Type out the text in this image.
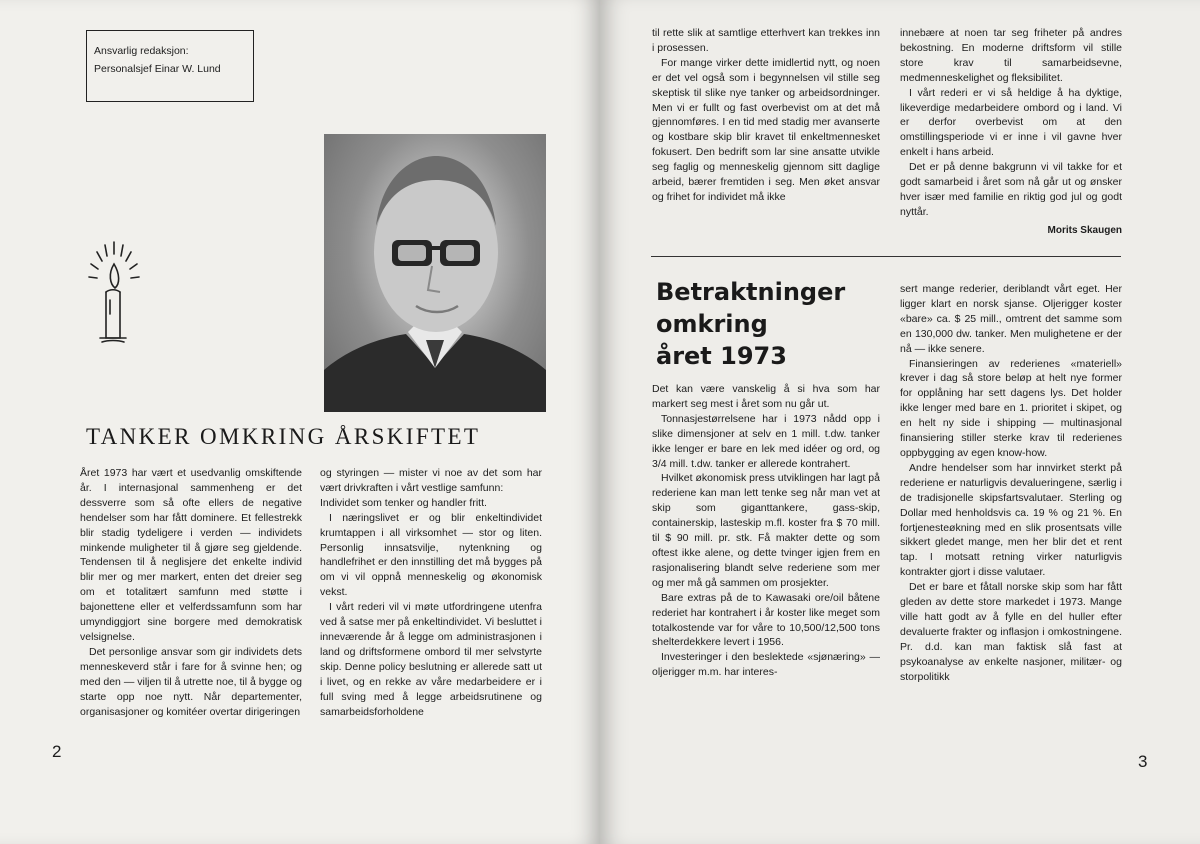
Ansvarlig redaksjon:
Personalsjef Einar W. Lund
TANKER OMKRING ÅRSKIFTET

Året 1973 har vært et usedvanlig omskiftende år. I internasjonal sammenheng er det dessverre som så ofte ellers de negative hendelser som har fått dominere. Et fellestrekk blir stadig tydeligere i verden — individets minkende muligheter til å gjøre seg gjeldende. Tendensen til å neglisjere det enkelte individ blir mer og mer markert, enten det dreier seg om et totalitært samfunn med støtte i bajonettene eller et velferdssamfunn som har umyndiggjort sine borgere med demokratisk velsignelse.

Det personlige ansvar som gir individets dets menneskeverd står i fare for å svinne hen; og med den — viljen til å utrette noe, til å bygge og starte opp noe nytt. Når departementer, organisasjoner og komitéer overtar dirigeringen

og styringen — mister vi noe av det som har vært drivkraften i vårt vestlige samfunn:

Individet som tenker og handler fritt.

I næringslivet er og blir enkeltindividet krumtappen i all virksomhet — stor og liten. Personlig innsatsvilje, nytenkning og handlefrihet er den innstilling det må bygges på om vi vil oppnå menneskelig og økonomisk vekst.

I vårt rederi vil vi møte utfordringene utenfra ved å satse mer på enkeltindividet. Vi besluttet i inneværende år å legge om administrasjonen i land og driftsformene ombord til mer selvstyrte skip. Denne policy beslutning er allerede satt ut i livet, og en rekke av våre medarbeidere er i full sving med å legge arbeidsrutinene og samarbeidsforholdene

2

til rette slik at samtlige etterhvert kan trekkes inn i prosessen.

For mange virker dette imidlertid nytt, og noen er det vel også som i begynnelsen vil stille seg skeptisk til slike nye tanker og arbeidsordninger. Men vi er fullt og fast overbevist om at det må gjennomføres. I en tid med stadig mer avanserte og kostbare skip blir kravet til enkeltmennesket fokusert. Den bedrift som lar sine ansatte utvikle seg faglig og menneskelig gjennom sitt daglige arbeid, bærer fremtiden i seg. Men øket ansvar og frihet for individet må ikke

innebære at noen tar seg friheter på andres bekostning. En moderne driftsform vil stille store krav til samarbeidsevne, medmenneskelighet og fleksibilitet.

I vårt rederi er vi så heldige å ha dyktige, likeverdige medarbeidere ombord og i land. Vi er derfor overbevist om at den omstillingsperiode vi er inne i vil gavne hver enkelt i hans arbeid.

Det er på denne bakgrunn vi vil takke for et godt samarbeid i året som nå går ut og ønsker hver især med familie en riktig god jul og godt nyttår.

Morits Skaugen
Betraktninger
omkring
året 1973

Det kan være vanskelig å si hva som har markert seg mest i året som nu går ut.

Tonnasjestørrelsene har i 1973 nådd opp i slike dimensjoner at selv en 1 mill. t.dw. tanker ikke lenger er bare en lek med idéer og ord, og 3/4 mill. t.dw. tanker er allerede kontrahert.

Hvilket økonomisk press utviklingen har lagt på rederiene kan man lett tenke seg når man vet at skip som giganttankere, gass-skip, containerskip, lasteskip m.fl. koster fra $ 70 mill. til $ 90 mill. pr. stk. Få makter dette og som oftest ikke alene, og dette tvinger igjen frem en rasjonalisering blandt selve rederiene som mer og mer må gå sammen om prosjekter.

Bare extras på de to Kawasaki ore/oil båtene rederiet har kontrahert i år koster like meget som totalkostende var for våre to 10,500/12,500 tons shelterdekkere levert i 1956.

Investeringer i den beslektede «sjønæring» — oljerigger m.m. har interes-

sert mange rederier, deriblandt vårt eget. Her ligger klart en norsk sjanse. Oljerigger koster «bare» ca. $ 25 mill., omtrent det samme som en 130,000 dw. tanker. Men mulighetene er der nå — ikke senere.

Finansieringen av rederienes «materiell» krever i dag så store beløp at helt nye former for opplåning har sett dagens lys. Det holder ikke lenger med bare en 1. prioritet i skipet, og en helt ny side i shipping — multinasjonal finansiering stiller sterke krav til rederienes oppbygging av egen know-how.

Andre hendelser som har innvirket sterkt på rederiene er naturligvis devalueringene, særlig i de tradisjonelle skipsfartsvalutaer. Sterling og Dollar med henholdsvis ca. 19 % og 21 %. En fortjenesteøkning med en slik prosentsats ville sikkert gledet mange, men her blir det et rent tap. I motsatt retning virker naturligvis kontrakter gjort i disse valutaer.

Det er bare et fåtall norske skip som har fått gleden av dette store markedet i 1973. Mange ville hatt godt av å fylle en del huller efter devaluerte frakter og inflasjon i omkostningene. Pr. d.d. kan man faktisk slå fast at psykoanalyse av enkelte nasjoner, militær- og storpolitikk

3
